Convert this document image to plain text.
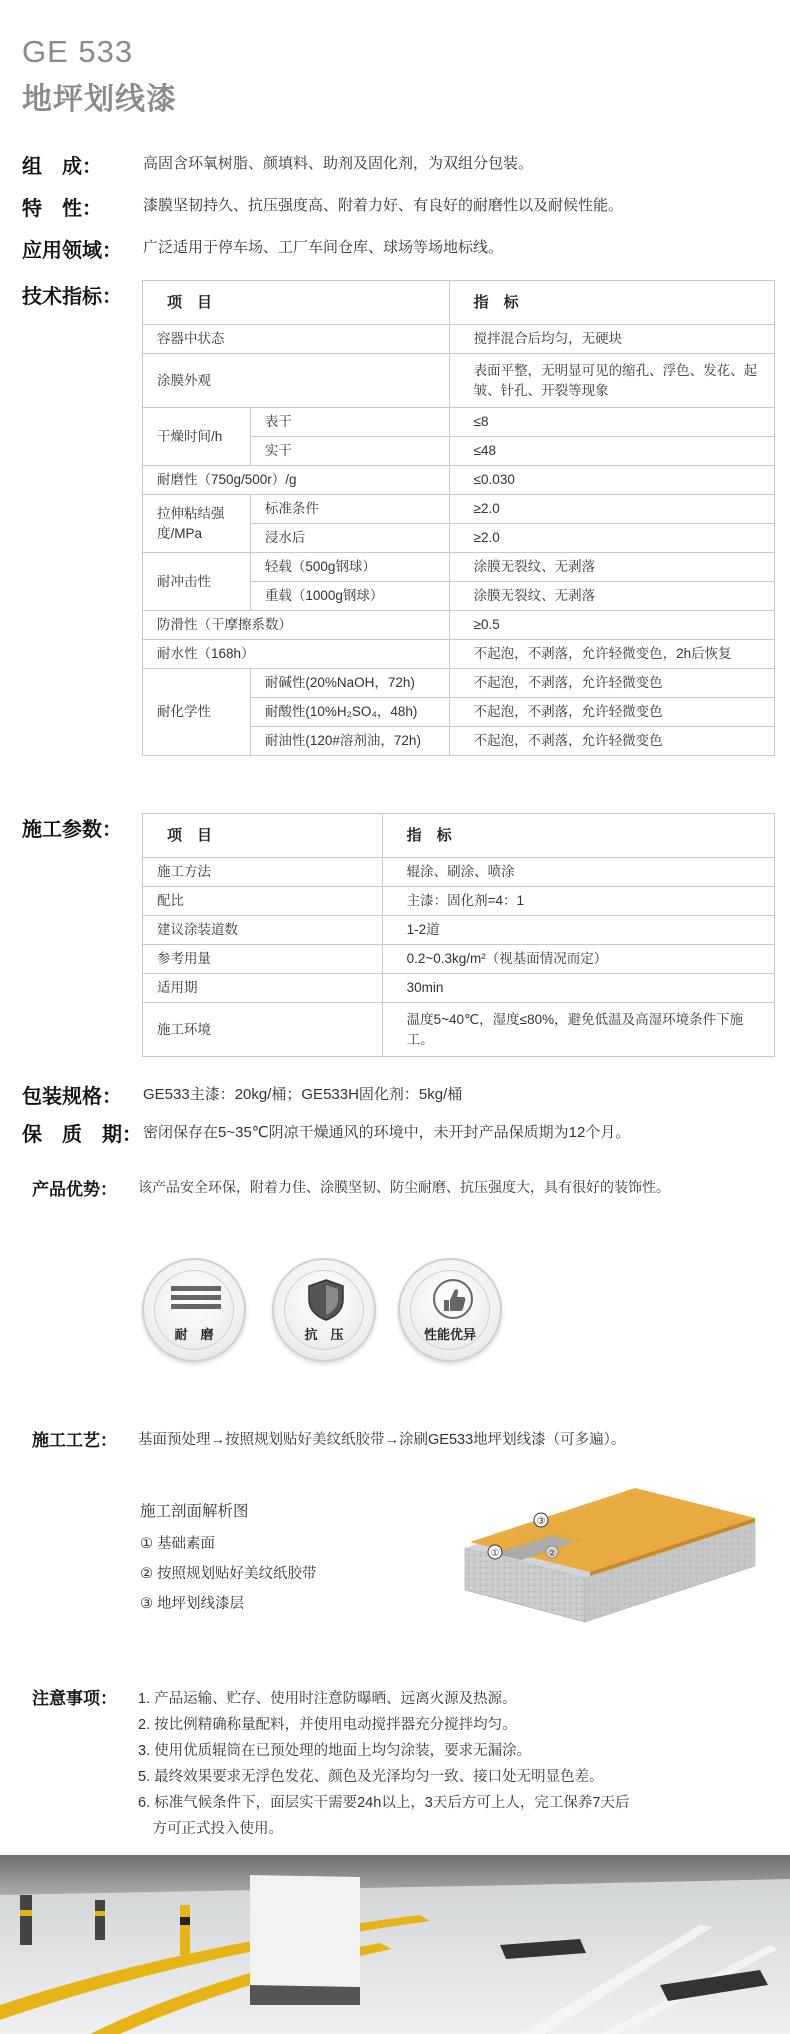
GE 533
地坪划线漆
组　成：	高固含环氧树脂、颜填料、助剂及固化剂，为双组分包装。
特　性：	漆膜坚韧持久、抗压强度高、附着力好、有良好的耐磨性以及耐候性能。
应用领域： 广泛适用于停车场、工厂车间仓库、球场等场地标线。
技术指标：	项　目		指　标
容器中状态		搅拌混合后均匀，无硬块
涂膜外观		表面平整，无明显可见的缩孔、浮色、发花、起皱、针孔、开裂等现象
干燥时间/h	表干	≤8
	实干	≤48
耐磨性（750g/500r）/g		≤0.030
拉伸粘结强度/MPa	标准条件	≥2.0
	浸水后	≥2.0
耐冲击性	轻载（500g钢球）	涂膜无裂纹、无剥落
	重载（1000g钢球）	涂膜无裂纹、无剥落
防滑性（干摩擦系数）		≥0.5
耐水性（168h）		不起泡，不剥落，允许轻微变色，2h后恢复
耐化学性	耐碱性(20%NaOH，72h)	不起泡，不剥落，允许轻微变色
	耐酸性(10%H₂SO₄，48h)	不起泡，不剥落，允许轻微变色
	耐油性(120#溶剂油，72h)	不起泡，不剥落，允许轻微变色
施工参数：	项　目	指　标
施工方法	辊涂、刷涂、喷涂
配比	主漆：固化剂=4：1
建议涂装道数	1-2道
参考用量	0.2~0.3kg/m²（视基面情况而定）
适用期	30min
施工环境	温度5~40℃，湿度≤80%，避免低温及高湿环境条件下施工。
包装规格： GE533主漆：20kg/桶；GE533H固化剂：5kg/桶
保　质　期： 密闭保存在5~35℃阴凉干燥通风的环境中，未开封产品保质期为12个月。
产品优势： 该产品安全环保，附着力佳、涂膜坚韧、防尘耐磨、抗压强度大，具有很好的装饰性。
耐　磨	抗　压	性能优异
施工工艺： 基面预处理→按照规划贴好美纹纸胶带→涂刷GE533地坪划线漆（可多遍）。
施工剖面解析图
① 基础素面
② 按照规划贴好美纹纸胶带
③ 地坪划线漆层
③
②
①
注意事项： 1. 产品运输、贮存、使用时注意防曝晒、远离火源及热源。
2. 按比例精确称量配料，并使用电动搅拌器充分搅拌均匀。
3. 使用优质辊筒在已预处理的地面上均匀涂装，要求无漏涂。
5. 最终效果要求无浮色发花、颜色及光泽均匀一致、接口处无明显色差。
6. 标准气候条件下，面层实干需要24h以上，3天后方可上人，完工保养7天后
　方可正式投入使用。
